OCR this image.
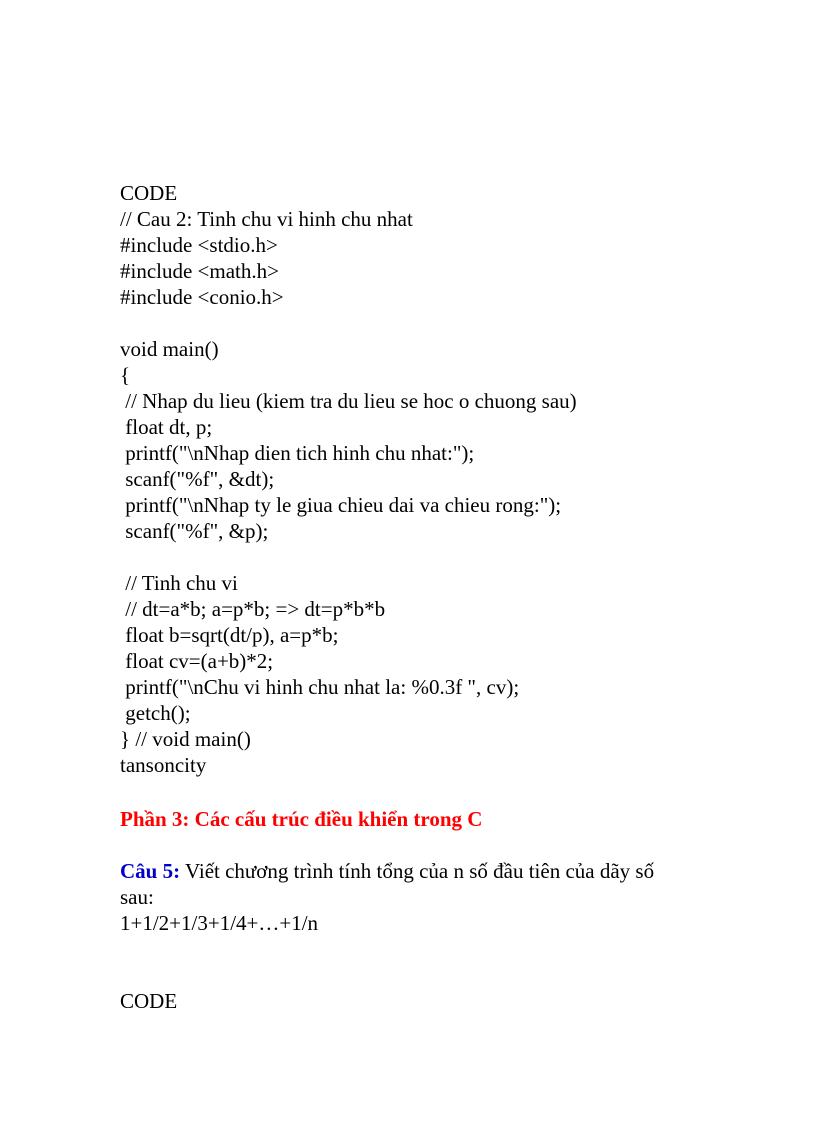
CODE
// Cau 2: Tinh chu vi hinh chu nhat
#include <stdio.h>
#include <math.h>
#include <conio.h>
void main()
{
// Nhap du lieu (kiem tra du lieu se hoc o chuong sau)
float dt, p;
printf("\nNhap dien tich hinh chu nhat:");
scanf("%f", &dt);
printf("\nNhap ty le giua chieu dai va chieu rong:");
scanf("%f", &p);
// Tinh chu vi
// dt=a*b; a=p*b; => dt=p*b*b
float b=sqrt(dt/p), a=p*b;
float cv=(a+b)*2;
printf("\nChu vi hinh chu nhat la: %0.3f ", cv);
getch();
} // void main()
tansoncity
Phần 3: Các cấu trúc điều khiển trong C
Câu 5: Viết chương trình tính tổng của n số đầu tiên của dãy số
sau:
1+1/2+1/3+1/4+…+1/n
CODE
